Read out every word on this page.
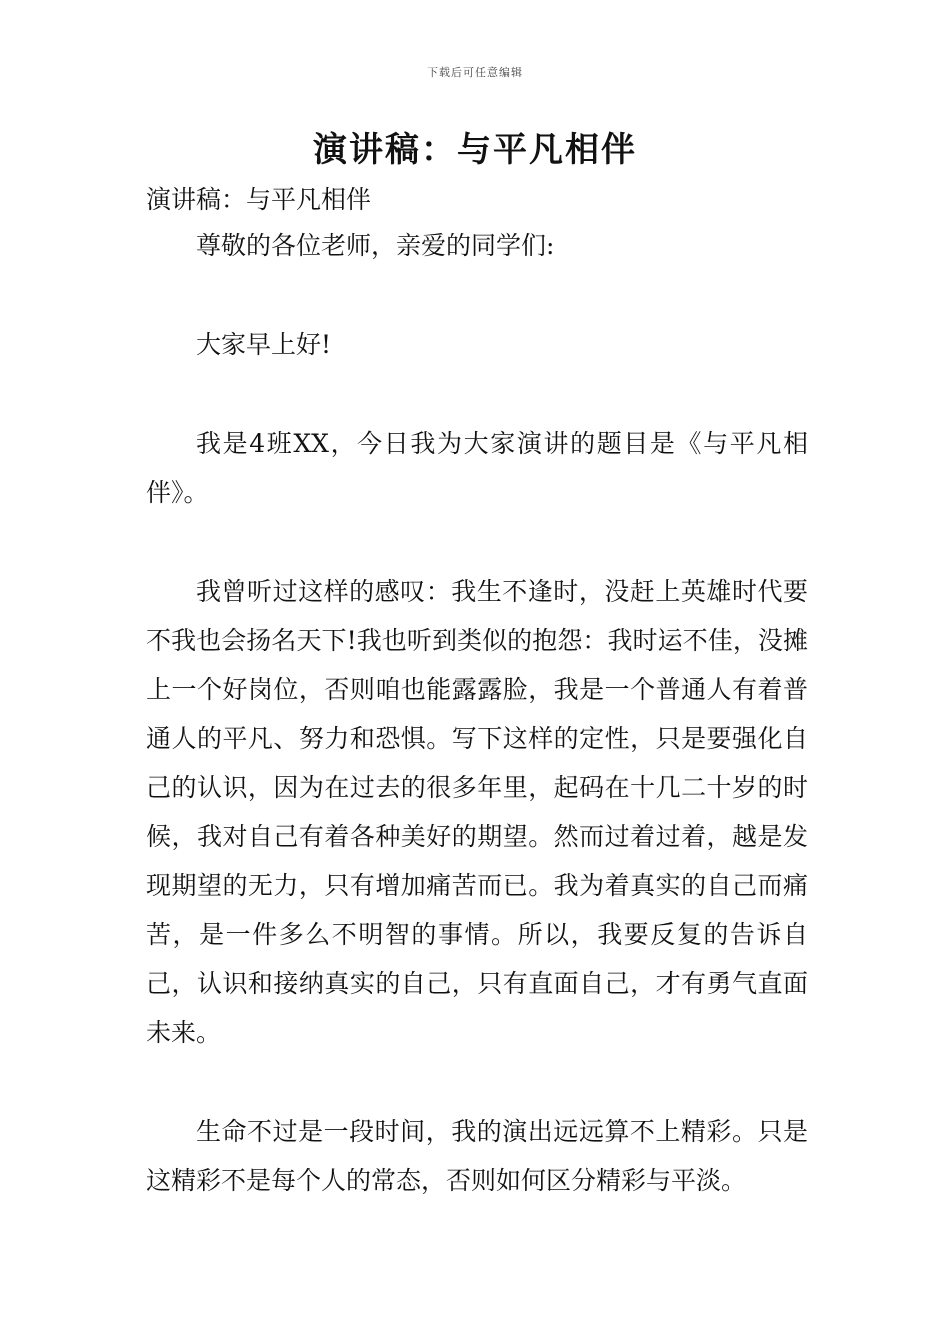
下载后可任意编辑
演讲稿：与平凡相伴

演讲稿：与平凡相伴

尊敬的各位老师，亲爱的同学们:

大家早上好!

我是4班XX，今日我为大家演讲的题目是《与平凡相伴》。

我曾听过这样的感叹：我生不逢时，没赶上英雄时代要不我也会扬名天下!我也听到类似的抱怨：我时运不佳，没摊上一个好岗位，否则咱也能露露脸，我是一个普通人有着普通人的平凡、努力和恐惧。写下这样的定性，只是要强化自己的认识，因为在过去的很多年里，起码在十几二十岁的时候，我对自己有着各种美好的期望。然而过着过着，越是发现期望的无力，只有增加痛苦而已。我为着真实的自己而痛苦，是一件多么不明智的事情。所以，我要反复的告诉自己，认识和接纳真实的自己，只有直面自己，才有勇气直面未来。

生命不过是一段时间，我的演出远远算不上精彩。只是这精彩不是每个人的常态，否则如何区分精彩与平淡。
